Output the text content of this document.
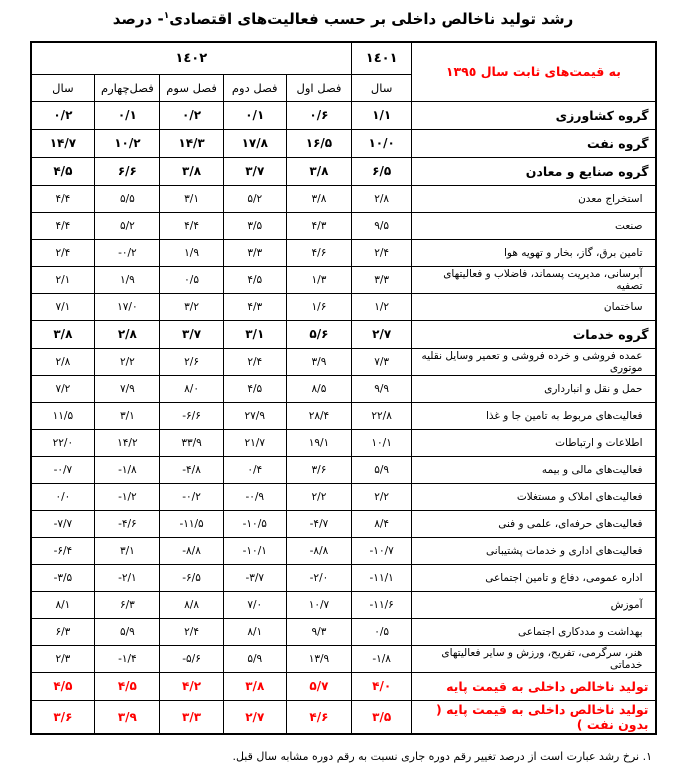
رشد تولید ناخالص داخلی بر حسب فعالیت‌های اقتصادی$^۱$- درصد
به قیمت‌های ثابت سال ١٣٩٥	١٤٠١	١٤٠٢				
	سال	فصل اول	فصل دوم	فصل سوم	فصل‌چهارم	سال
گروه کشاورزی	۱/۱	۰/۶	۰/۱	۰/۲	۰/۱	۰/۲
گروه نفت	۱۰/۰	۱۶/۵	۱۷/۸	۱۴/۳	۱۰/۲	۱۴/۷
گروه صنایع و معادن	۶/۵	۳/۸	۳/۷	۳/۸	۶/۶	۴/۵
استخراج معدن	۲/۸	۳/۸	۵/۲	۳/۱	۵/۵	۴/۴
صنعت	۹/۵	۴/۳	۳/۵	۴/۴	۵/۲	۴/۴
تامین برق، گاز، بخار و تهویه هوا	۲/۴	۴/۶	۳/۳	۱/۹	-۰/۲	۲/۴
آبرسانی، مدیریت پسماند، فاضلاب و فعالیتهای تصفیه	۳/۳	۱/۳	۴/۵	۰/۵	۱/۹	۲/۱
ساختمان	۱/۲	۱/۶	۴/۳	۳/۲	۱۷/۰	۷/۱
گروه خدمات	۲/۷	۵/۶	۳/۱	۳/۷	۲/۸	۳/۸
عمده فروشی و خرده فروشی و تعمیر وسایل نقلیه موتوری	۷/۳	۳/۹	۲/۴	۲/۶	۲/۲	۲/۸
حمل و نقل و انبارداری	۹/۹	۸/۵	۴/۵	۸/۰	۷/۹	۷/۲
فعالیت‌های مربوط به تامین جا و غذا	۲۲/۸	۲۸/۴	۲۷/۹	-۶/۶	۳/۱	۱۱/۵
اطلاعات و ارتباطات	۱۰/۱	۱۹/۱	۲۱/۷	۳۳/۹	۱۴/۲	۲۲/۰
فعالیت‌های مالی و بیمه	۵/۹	۳/۶	۰/۴	-۴/۸	-۱/۸	-۰/۷
فعالیت‌های املاک و مستغلات	۲/۲	۲/۲	-۰/۹	-۰/۲	-۱/۲	۰/۰
فعالیت‌های حرفه‌ای، علمی و فنی	۸/۴	-۴/۷	-۱۰/۵	-۱۱/۵	-۴/۶	-۷/۷
فعالیت‌های اداری و خدمات پشتیبانی	-۱۰/۷	-۸/۸	-۱۰/۱	-۸/۸	۳/۱	-۶/۴
اداره عمومی، دفاع و تامین اجتماعی	-۱۱/۱	-۲/۰	-۳/۷	-۶/۵	-۲/۱	-۳/۵
آموزش	-۱۱/۶	۱۰/۷	۷/۰	۸/۸	۶/۳	۸/۱
بهداشت و مددکاری اجتماعی	۰/۵	۹/۳	۸/۱	۲/۴	۵/۹	۶/۳
هنر، سرگرمی، تفریح، ورزش و سایر فعالیتهای خدماتی	-۱/۸	۱۳/۹	۵/۹	-۵/۶	-۱/۴	۲/۳
تولید ناخالص داخلی به قیمت پایه	۴/۰	۵/۷	۳/۸	۴/۲	۴/۵	۴/۵
تولید ناخالص داخلی به قیمت پایه ( بدون نفت )	۳/۵	۴/۶	۲/۷	۳/۳	۳/۹	۳/۶
۱. نرخ رشد عبارت است از درصد تغییر رقم دوره جاری نسبت به رقم دوره مشابه سال قبل.
